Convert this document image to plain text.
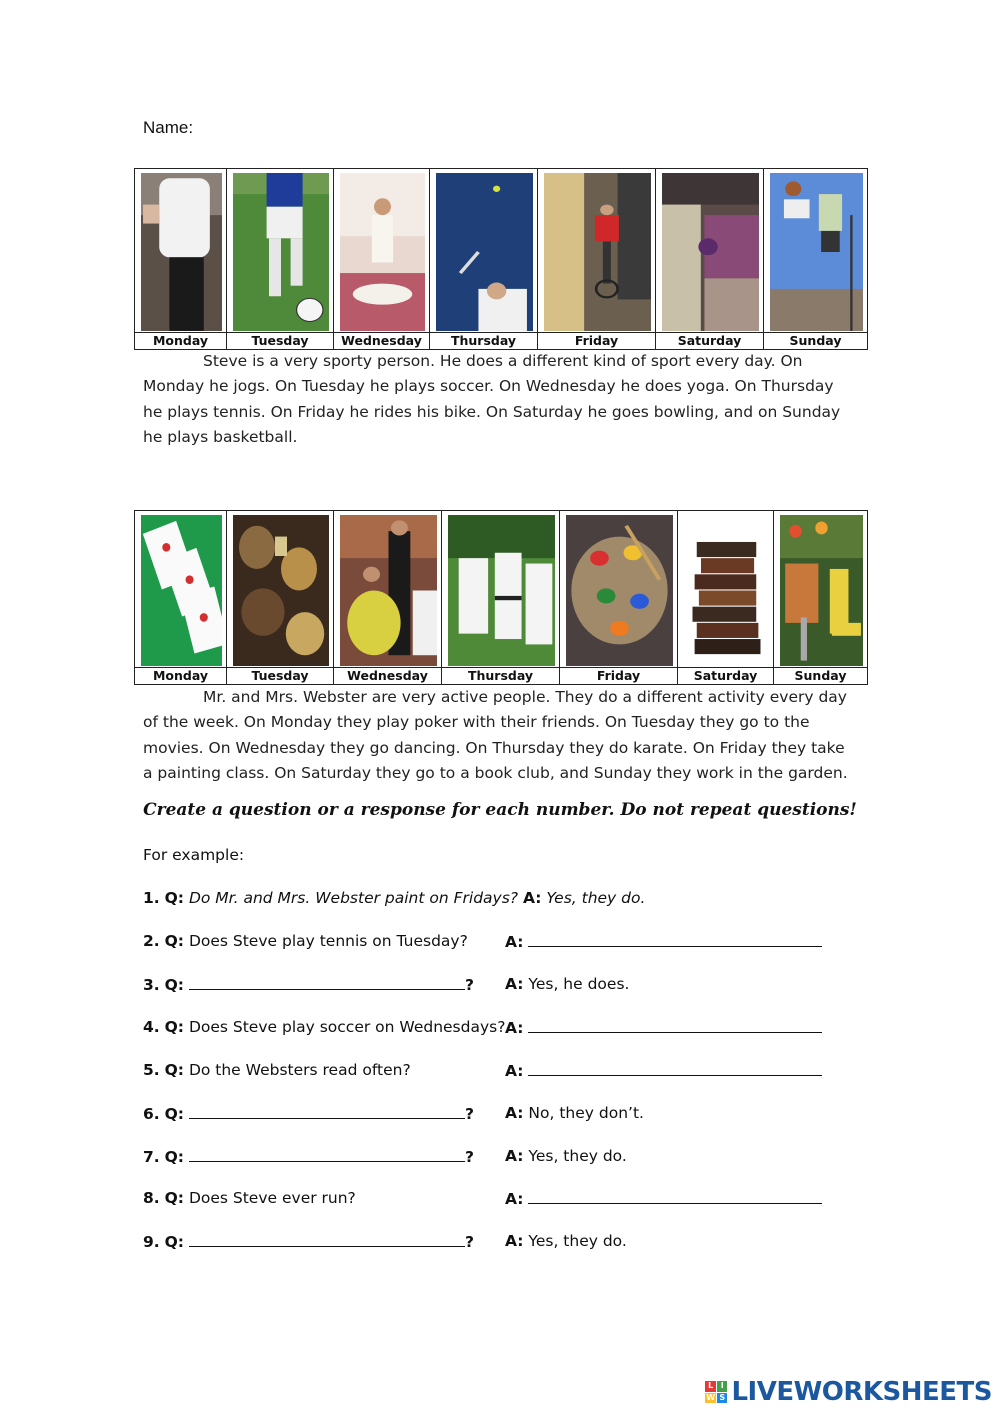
Name:
Monday	Tuesday	Wednesday	Thursday	Friday	Saturday	Sunday

Steve is a very sporty person. He does a different kind of sport every day. On Monday he jogs. On Tuesday he plays soccer. On Wednesday he does yoga. On Thursday he plays tennis. On Friday he rides his bike. On Saturday he goes bowling, and on Sunday he plays basketball.

Monday	Tuesday	Wednesday	Thursday	Friday	Saturday	Sunday

Mr. and Mrs. Webster are very active people. They do a different activity every day of the week. On Monday they play poker with their friends. On Tuesday they go to the movies. On Wednesday they go dancing. On Thursday they do karate. On Friday they take a painting class. On Saturday they go to a book club, and Sunday they work in the garden.

Create a question or a response for each number. Do not repeat questions!
For example:
1. Q: Do Mr. and Mrs. Webster paint on Fridays? A: Yes, they do.
2. Q: Does Steve play tennis on Tuesday? A:
3. Q:	? A: Yes, he does.
4. Q: Does Steve play soccer on Wednesdays? A:
5. Q: Do the Websters read often?	A:
6. Q:	? A: No, they don’t.
7. Q:	? A: Yes, they do.
8. Q: Does Steve ever run?	A:
9. Q:	? A: Yes, they do.
L I
W S LIVEWORKSHEETS
